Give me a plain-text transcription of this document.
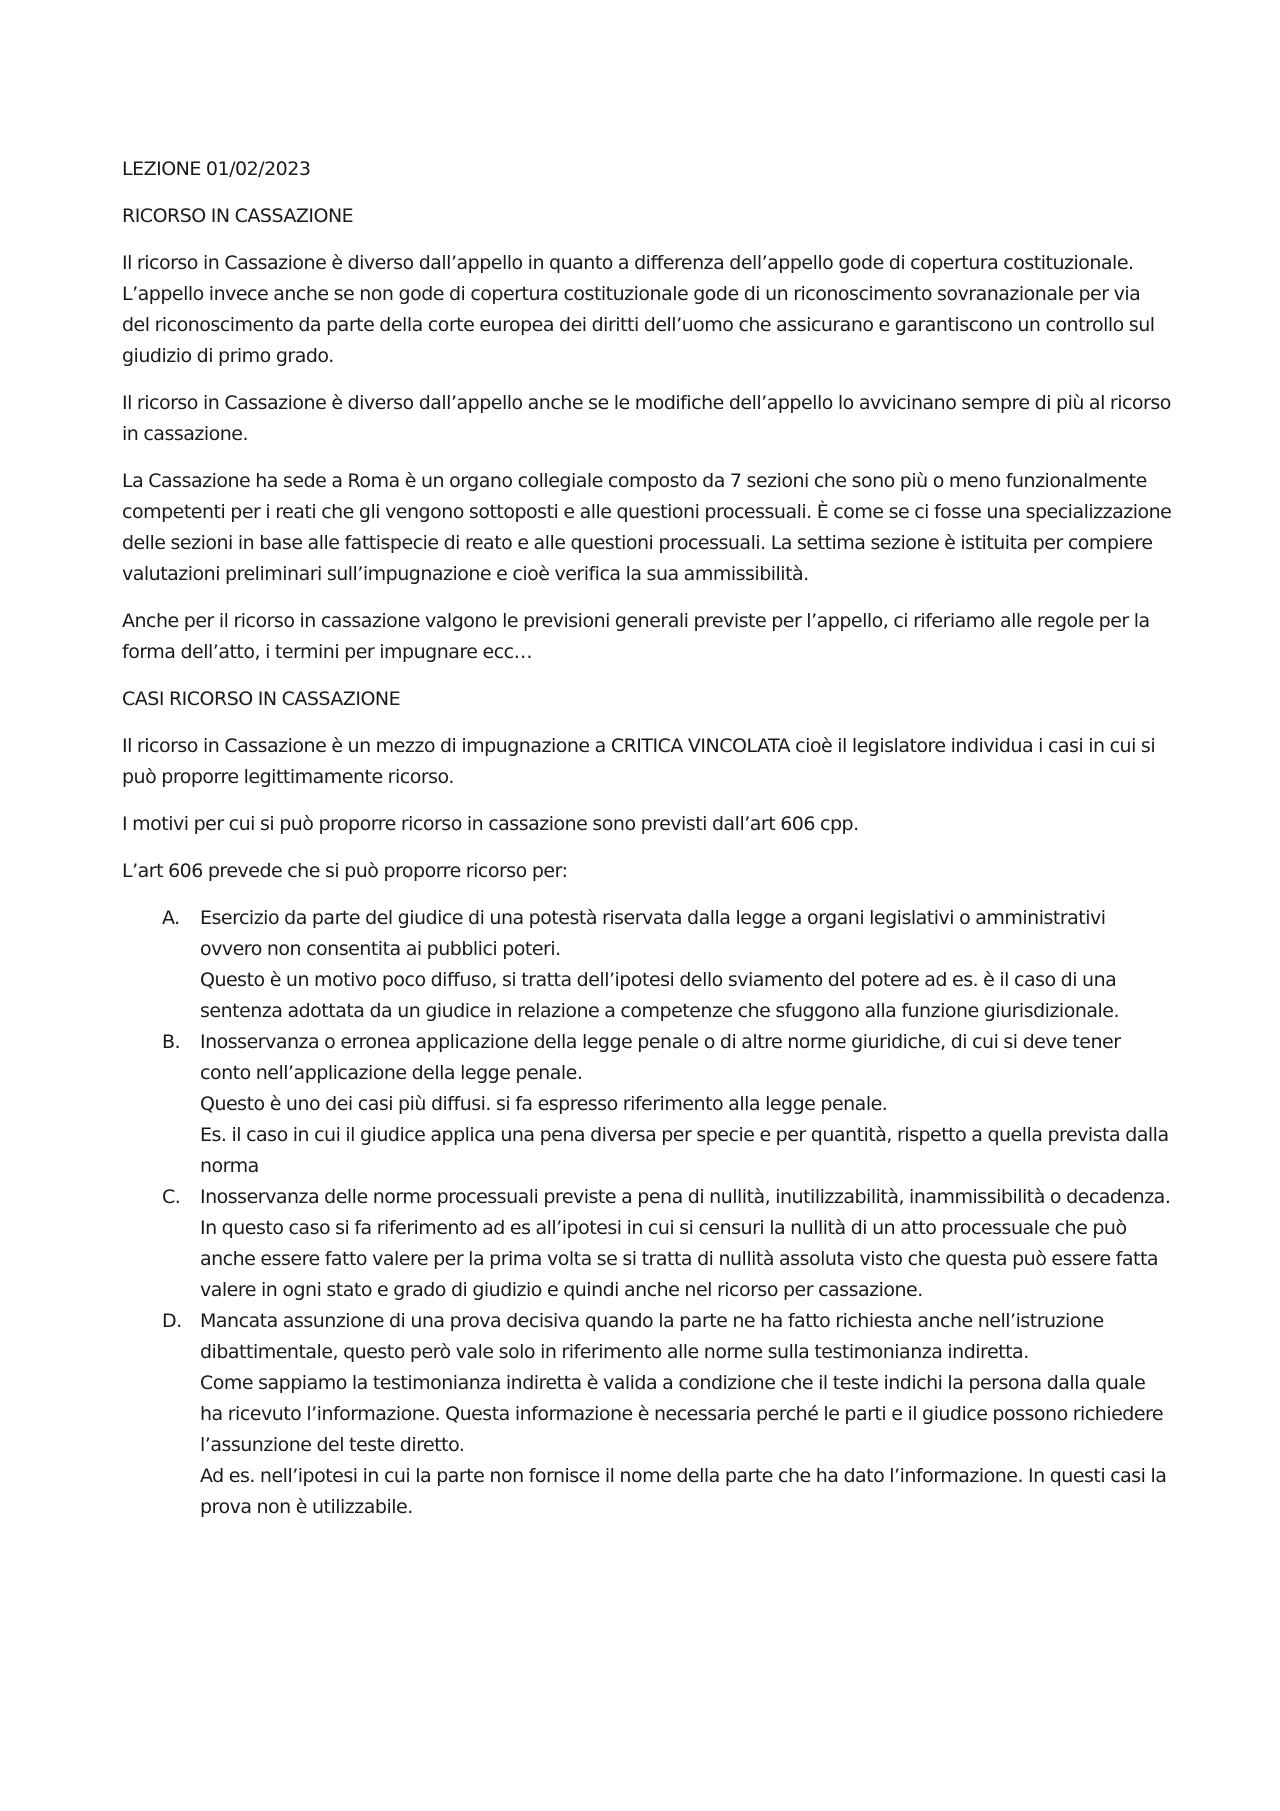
LEZIONE 01/02/2023

RICORSO IN CASSAZIONE

Il ricorso in Cassazione è diverso dall’appello in quanto a differenza dell’appello gode di copertura costituzionale. L’appello invece anche se non gode di copertura costituzionale gode di un riconoscimento sovranazionale per via del riconoscimento da parte della corte europea dei diritti dell’uomo che assicurano e garantiscono un controllo sul giudizio di primo grado.

Il ricorso in Cassazione è diverso dall’appello anche se le modifiche dell’appello lo avvicinano sempre di più al ricorso in cassazione.

La Cassazione ha sede a Roma è un organo collegiale composto da 7 sezioni che sono più o meno funzionalmente competenti per i reati che gli vengono sottoposti e alle questioni processuali. È come se ci fosse una specializzazione delle sezioni in base alle fattispecie di reato e alle questioni processuali. La settima sezione è istituita per compiere valutazioni preliminari sull’impugnazione e cioè verifica la sua ammissibilità.

Anche per il ricorso in cassazione valgono le previsioni generali previste per l’appello, ci riferiamo alle regole per la forma dell’atto, i termini per impugnare ecc…

CASI RICORSO IN CASSAZIONE

Il ricorso in Cassazione è un mezzo di impugnazione a CRITICA VINCOLATA cioè il legislatore individua i casi in cui si può proporre legittimamente ricorso.

I motivi per cui si può proporre ricorso in cassazione sono previsti dall’art 606 cpp.

L’art 606 prevede che si può proporre ricorso per:

A. Esercizio da parte del giudice di una potestà riservata dalla legge a organi legislativi o amministrativi ovvero non consentita ai pubblici poteri.
Questo è un motivo poco diffuso, si tratta dell’ipotesi dello sviamento del potere ad es. è il caso di una sentenza adottata da un giudice in relazione a competenze che sfuggono alla funzione giurisdizionale.
B. Inosservanza o erronea applicazione della legge penale o di altre norme giuridiche, di cui si deve tener conto nell’applicazione della legge penale.
Questo è uno dei casi più diffusi. si fa espresso riferimento alla legge penale.
Es. il caso in cui il giudice applica una pena diversa per specie e per quantità, rispetto a quella prevista dalla norma
C. Inosservanza delle norme processuali previste a pena di nullità, inutilizzabilità, inammissibilità o decadenza.
In questo caso si fa riferimento ad es all’ipotesi in cui si censuri la nullità di un atto processuale che può anche essere fatto valere per la prima volta se si tratta di nullità assoluta visto che questa può essere fatta valere in ogni stato e grado di giudizio e quindi anche nel ricorso per cassazione.
D. Mancata assunzione di una prova decisiva quando la parte ne ha fatto richiesta anche nell’istruzione dibattimentale, questo però vale solo in riferimento alle norme sulla testimonianza indiretta.
Come sappiamo la testimonianza indiretta è valida a condizione che il teste indichi la persona dalla quale ha ricevuto l’informazione. Questa informazione è necessaria perché le parti e il giudice possono richiedere l’assunzione del teste diretto.
Ad es. nell’ipotesi in cui la parte non fornisce il nome della parte che ha dato l’informazione. In questi casi la prova non è utilizzabile.
